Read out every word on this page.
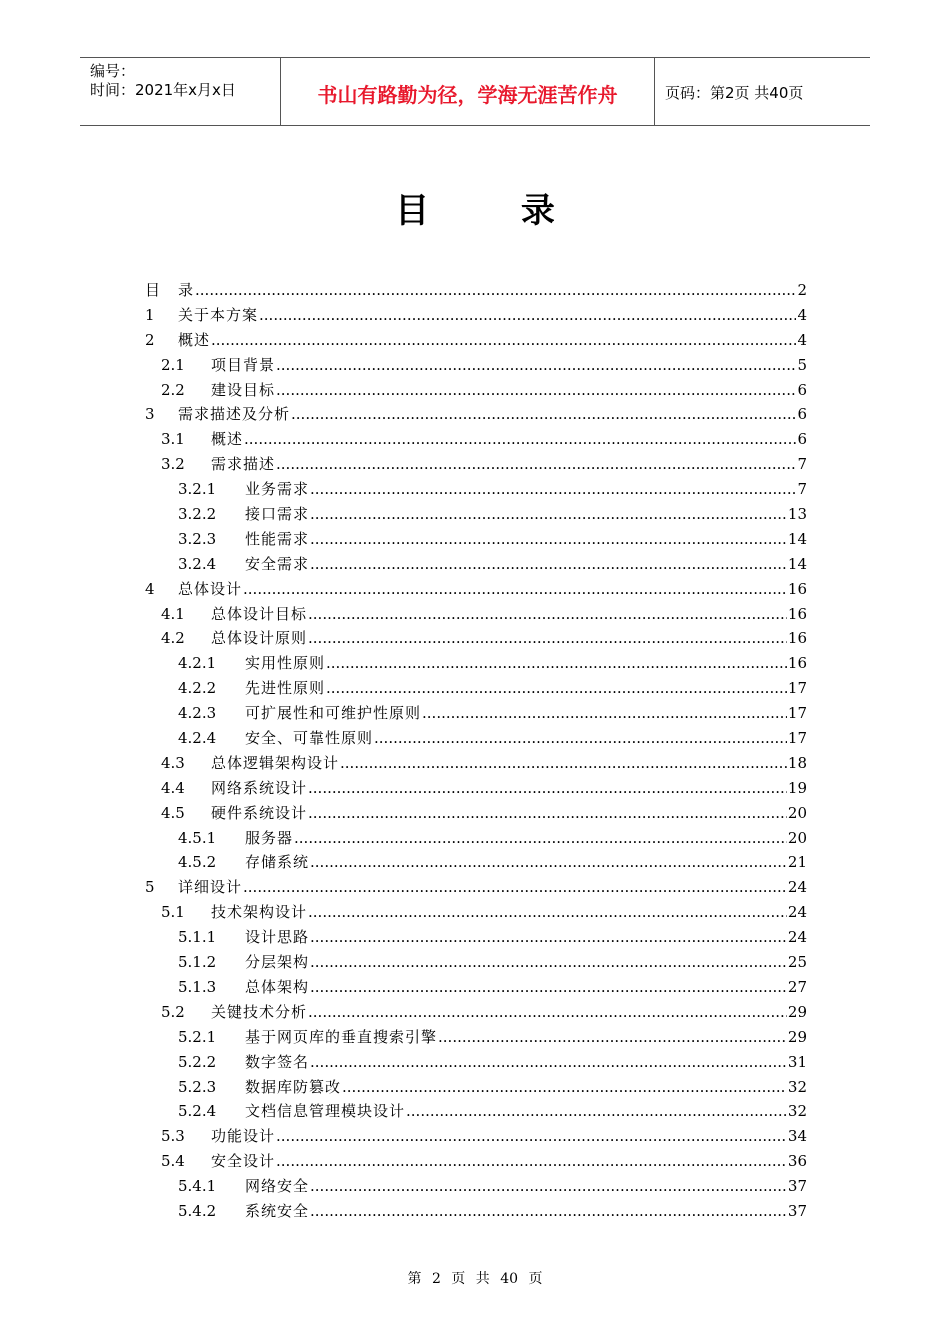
编号：
时间：2021年x月x日	书山有路勤为径，学海无涯苦作舟	页码：第2页 共40页
目 录
目	录 .....	2
1	关于本方案 .....	4
2	概述 .....	4
2.1	项目背景 .....	5
2.2	建设目标 .....	6
3	需求描述及分析 .....	6
3.1	概述 .....	6
3.2	需求描述 .....	7
3.2.1	业务需求 .....	7
3.2.2	接口需求 .....	13
3.2.3	性能需求 .....	14
3.2.4	安全需求 .....	14
4	总体设计 .....	16
4.1	总体设计目标 .....	16
4.2	总体设计原则 .....	16
4.2.1	实用性原则 .....	16
4.2.2	先进性原则 .....	17
4.2.3	可扩展性和可维护性原则 .....	17
4.2.4	安全、可靠性原则 .....	17
4.3	总体逻辑架构设计 .....	18
4.4	网络系统设计 .....	19
4.5	硬件系统设计 .....	20
4.5.1	服务器 .....	20
4.5.2	存储系统 .....	21
5	详细设计 .....	24
5.1	技术架构设计 .....	24
5.1.1	设计思路 .....	24
5.1.2	分层架构 .....	25
5.1.3	总体架构 .....	27
5.2	关键技术分析 .....	29
5.2.1	基于网页库的垂直搜索引擎 .....	29
5.2.2	数字签名 .....	31
5.2.3	数据库防篡改 .....	32
5.2.4	文档信息管理模块设计 .....	32
5.3	功能设计 .....	34
5.4	安全设计 .....	36
5.4.1	网络安全 .....	37
5.4.2	系统安全 .....	37
第 2 页 共 40 页
